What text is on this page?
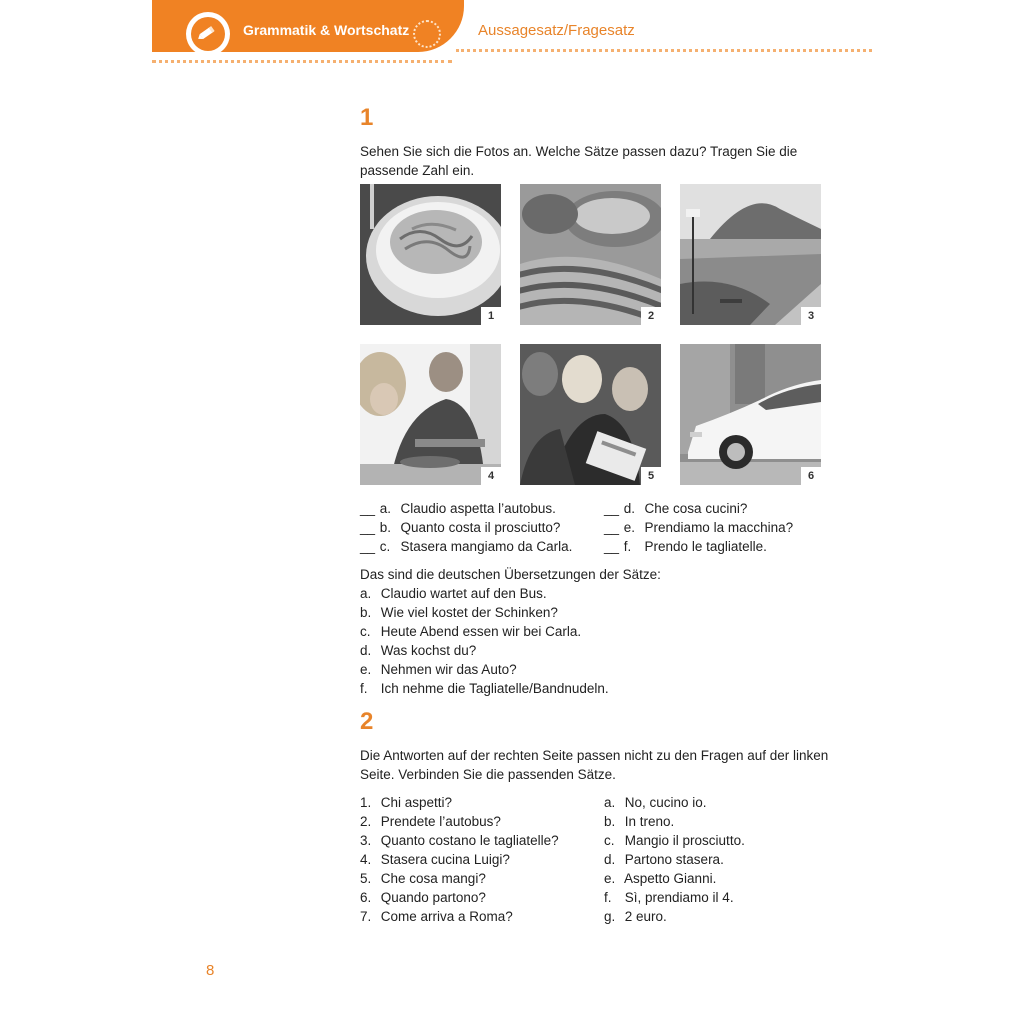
Grammatik & Wortschatz	Aussagesatz/Fragesatz
1

Sehen Sie sich die Fotos an. Welche Sätze passen dazu? Tragen Sie die passende Zahl ein.

1	2	3
4	5	6
__ a. Claudio aspetta l’autobus.
__ b. Quanto costa il prosciutto?
__ c. Stasera mangiamo da Carla.
__ d. Che cosa cucini?
__ e. Prendiamo la macchina?
__ f. Prendo le tagliatelle.
Das sind die deutschen Übersetzungen der Sätze:
a. Claudio wartet auf den Bus.
b. Wie viel kostet der Schinken?
c. Heute Abend essen wir bei Carla.
d. Was kochst du?
e. Nehmen wir das Auto?
f. Ich nehme die Tagliatelle/Bandnudeln.
2

Die Antworten auf der rechten Seite passen nicht zu den Fragen auf der linken Seite. Verbinden Sie die passenden Sätze.

1. Chi aspetti?
2. Prendete l’autobus?
3. Quanto costano le tagliatelle?
4. Stasera cucina Luigi?
5. Che cosa mangi?
6. Quando partono?
7. Come arriva a Roma?
a. No, cucino io.
b. In treno.
c. Mangio il prosciutto.
d. Partono stasera.
e. Aspetto Gianni.
f. Sì, prendiamo il 4.
g. 2 euro.
8
